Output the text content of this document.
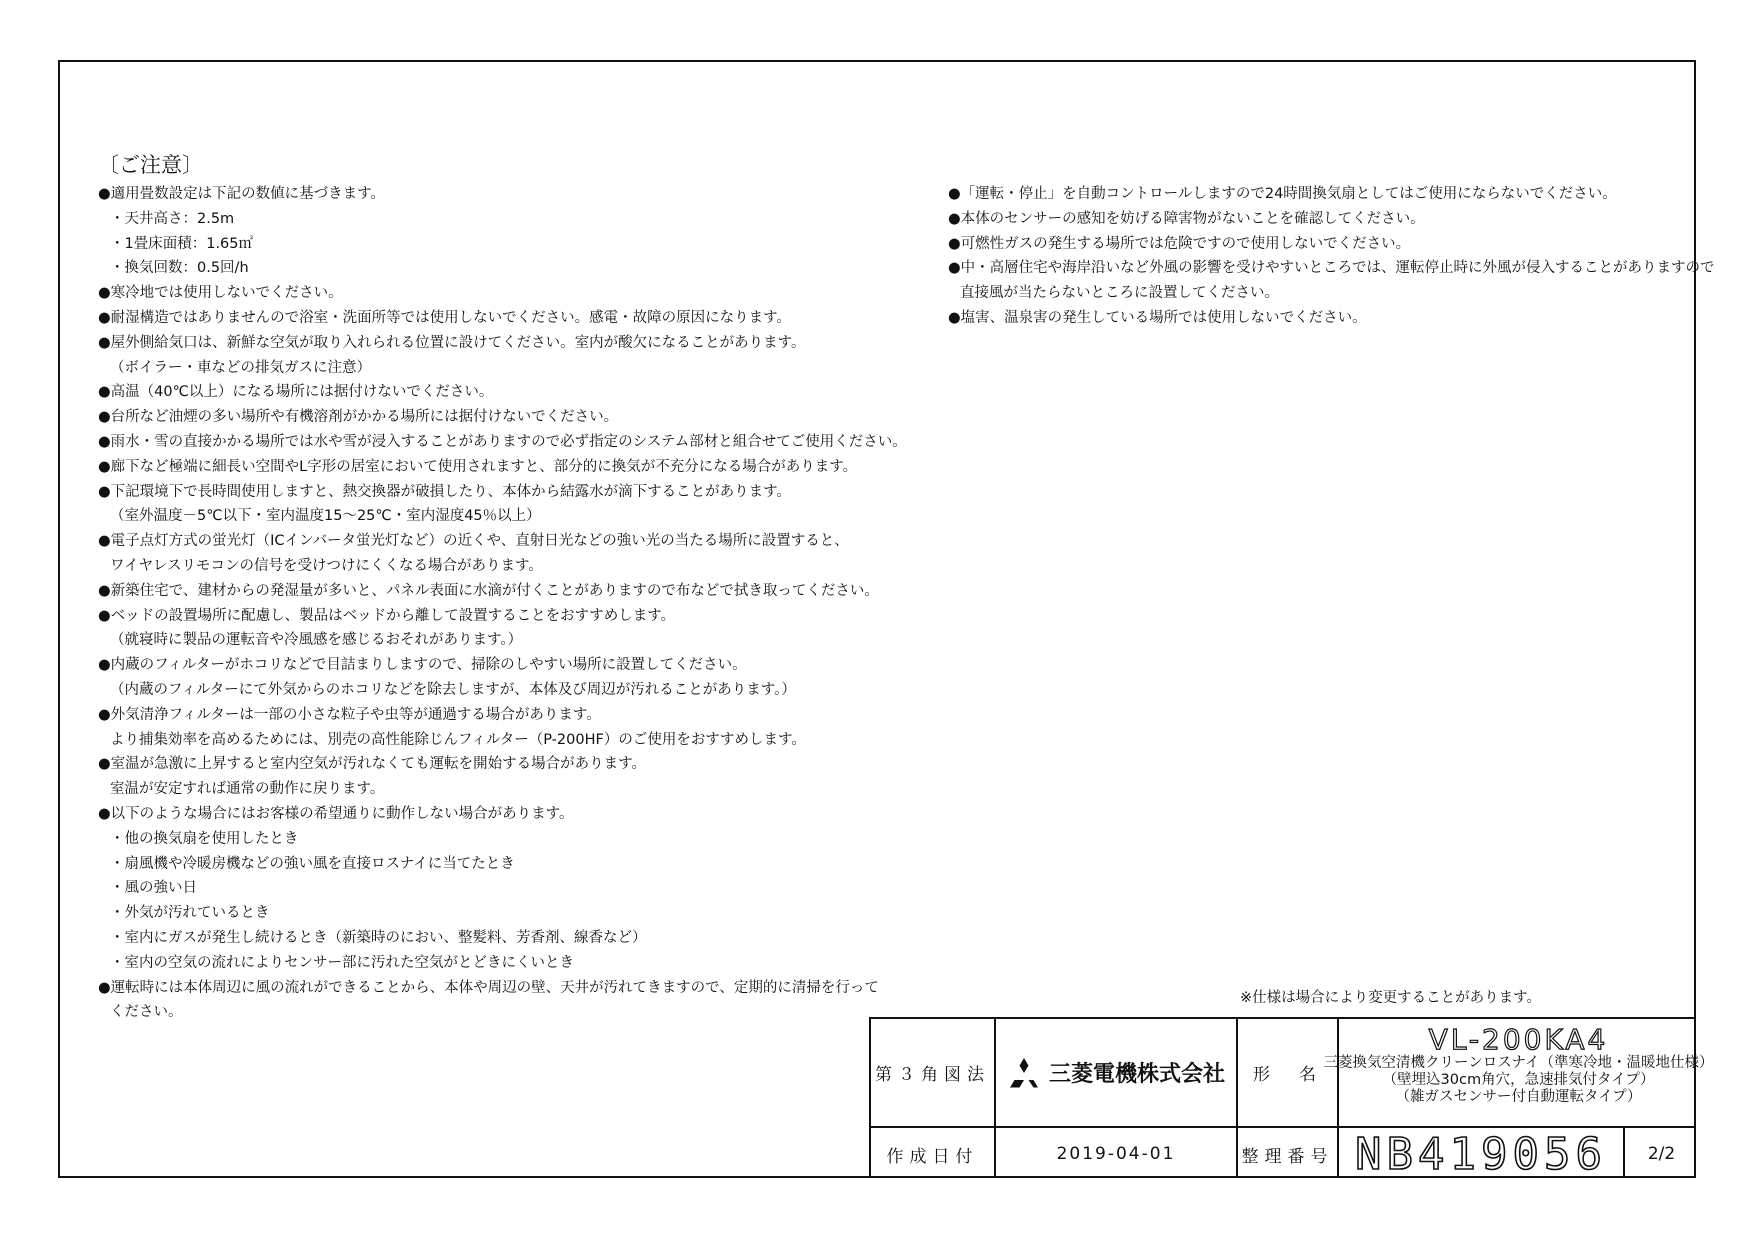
〔ご注意〕
●適用畳数設定は下記の数値に基づきます。
・天井高さ：2.5m
・1畳床面積：1.65㎡
・換気回数：0.5回/h
●寒冷地では使用しないでください。
●耐湿構造ではありませんので浴室・洗面所等では使用しないでください。感電・故障の原因になります。
●屋外側給気口は、新鮮な空気が取り入れられる位置に設けてください。室内が酸欠になることがあります。
（ボイラー・車などの排気ガスに注意）
●高温（40℃以上）になる場所には据付けないでください。
●台所など油煙の多い場所や有機溶剤がかかる場所には据付けないでください。
●雨水・雪の直接かかる場所では水や雪が浸入することがありますので必ず指定のシステム部材と組合せてご使用ください。
●廊下など極端に細長い空間やL字形の居室において使用されますと、部分的に換気が不充分になる場合があります。
●下記環境下で長時間使用しますと、熱交換器が破損したり、本体から結露水が滴下することがあります。
（室外温度－5℃以下・室内温度15～25℃・室内湿度45％以上）
●電子点灯方式の蛍光灯（ICインバータ蛍光灯など）の近くや、直射日光などの強い光の当たる場所に設置すると、
ワイヤレスリモコンの信号を受けつけにくくなる場合があります。
●新築住宅で、建材からの発湿量が多いと、パネル表面に水滴が付くことがありますので布などで拭き取ってください。
●ベッドの設置場所に配慮し、製品はベッドから離して設置することをおすすめします。
（就寝時に製品の運転音や冷風感を感じるおそれがあります。）
●内蔵のフィルターがホコリなどで目詰まりしますので、掃除のしやすい場所に設置してください。
（内蔵のフィルターにて外気からのホコリなどを除去しますが、本体及び周辺が汚れることがあります。）
●外気清浄フィルターは一部の小さな粒子や虫等が通過する場合があります。
より捕集効率を高めるためには、別売の高性能除じんフィルター（P-200HF）のご使用をおすすめします。
●室温が急激に上昇すると室内空気が汚れなくても運転を開始する場合があります。
室温が安定すれば通常の動作に戻ります。
●以下のような場合にはお客様の希望通りに動作しない場合があります。
・他の換気扇を使用したとき
・扇風機や冷暖房機などの強い風を直接ロスナイに当てたとき
・風の強い日
・外気が汚れているとき
・室内にガスが発生し続けるとき（新築時のにおい、整髪料、芳香剤、線香など）
・室内の空気の流れによりセンサー部に汚れた空気がとどきにくいとき
●運転時には本体周辺に風の流れができることから、本体や周辺の壁、天井が汚れてきますので、定期的に清掃を行って
ください。
●「運転・停止」を自動コントロールしますので24時間換気扇としてはご使用にならないでください。
●本体のセンサーの感知を妨げる障害物がないことを確認してください。
●可燃性ガスの発生する場所では危険ですので使用しないでください。
●中・高層住宅や海岸沿いなど外風の影響を受けやすいところでは、運転停止時に外風が侵入することがありますので
直接風が当たらないところに設置してください。
●塩害、温泉害の発生している場所では使用しないでください。
※仕様は場合により変更することがあります。
第３角図法	三菱電機株式会社	形　名
VL-200KA4
三菱換気空清機クリーンロスナイ（準寒冷地・温暖地仕様）
（壁埋込30cm角穴，急速排気付タイプ）
（雑ガスセンサー付自動運転タイプ）
作成日付	2019-04-01	整理番号 NB419056	2/2
